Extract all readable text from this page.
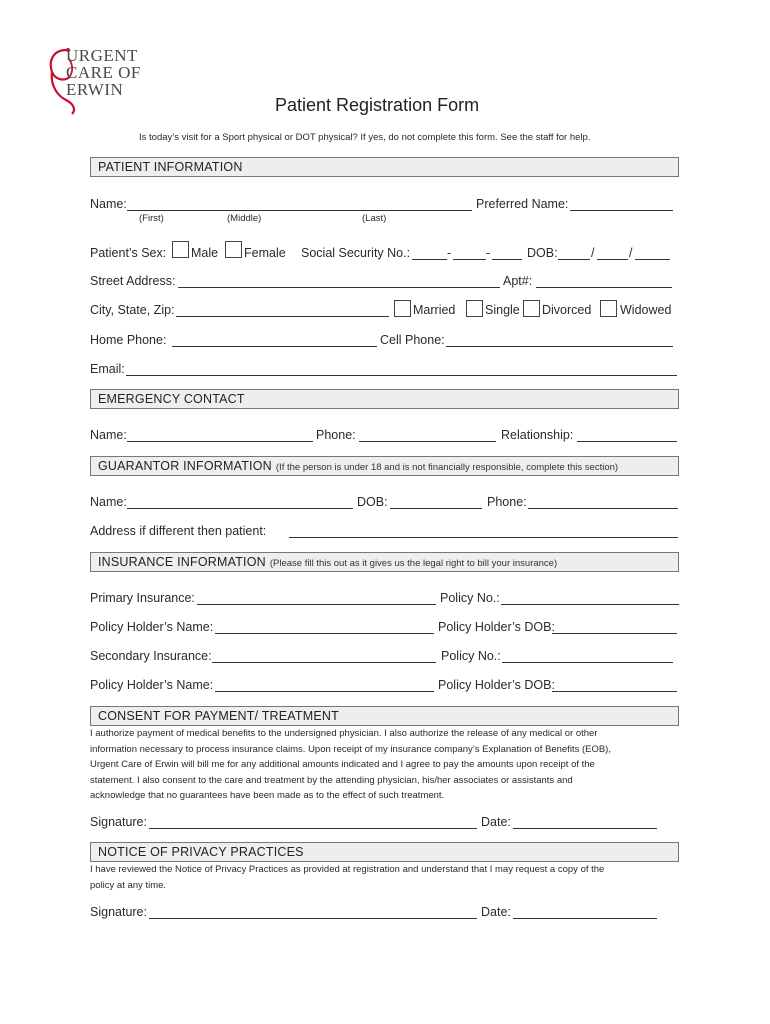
URGENT
CARE OF
ERWIN
Patient Registration Form
Is today’s visit for a Sport physical or DOT physical? If yes, do not complete this form. See the staff for help.
PATIENT INFORMATION
Name:	Preferred Name:
(First)	(Middle)	(Last)
Patient’s Sex: Male Female Social Security No.:	-	-	DOB:	/	/
Street Address:	Apt#:
City, State, Zip:	Married Single Divorced Widowed
Home Phone:	Cell Phone:
Email:
EMERGENCY CONTACT
Name:	Phone:	Relationship:
GUARANTOR INFORMATION (If the person is under 18 and is not financially responsible, complete this section)
Name:	DOB:	Phone:
Address if different then patient:
INSURANCE INFORMATION (Please fill this out as it gives us the legal right to bill your insurance)
Primary Insurance:	Policy No.:
Policy Holder’s Name:	Policy Holder’s DOB:
Secondary Insurance:	Policy No.:
Policy Holder’s Name:	Policy Holder’s DOB:
CONSENT FOR PAYMENT/ TREATMENT
I authorize payment of medical benefits to the undersigned physician. I also authorize the release of any medical or other
information necessary to process insurance claims. Upon receipt of my insurance company’s Explanation of Benefits (EOB),
Urgent Care of Erwin will bill me for any additional amounts indicated and I agree to pay the amounts upon receipt of the
statement. I also consent to the care and treatment by the attending physician, his/her associates or assistants and
acknowledge that no guarantees have been made as to the effect of such treatment.
Signature:	Date:
NOTICE OF PRIVACY PRACTICES
I have reviewed the Notice of Privacy Practices as provided at registration and understand that I may request a copy of the
policy at any time.
Signature:	Date:
